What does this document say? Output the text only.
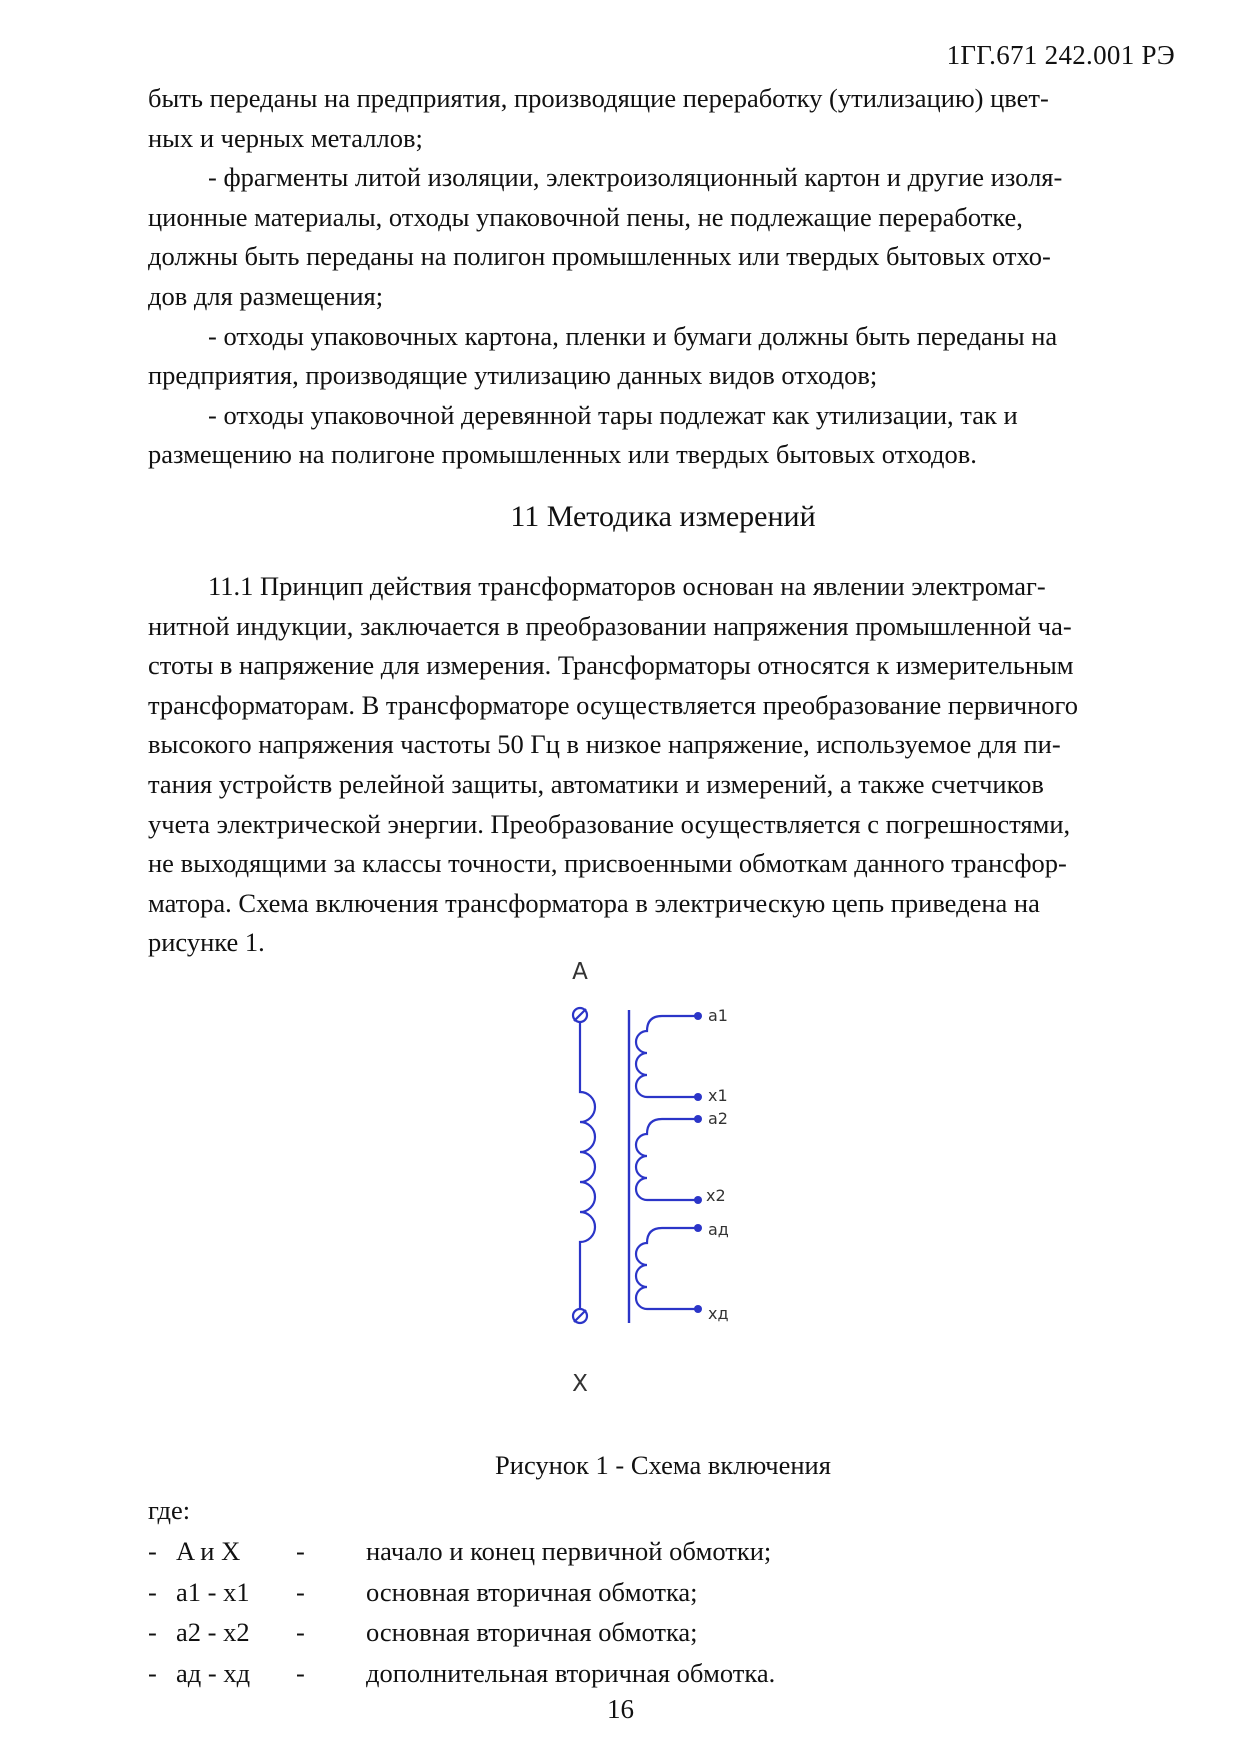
1ГГ.671 242.001 РЭ
быть переданы на предприятия, производящие переработку (утилизацию) цвет-
ных и черных металлов;
- фрагменты литой изоляции, электроизоляционный картон и другие изоля-
ционные материалы, отходы упаковочной пены, не подлежащие переработке,
должны быть переданы на полигон промышленных или твердых бытовых отхо-
дов для размещения;
- отходы упаковочных картона, пленки и бумаги должны быть переданы на
предприятия, производящие утилизацию данных видов отходов;
- отходы упаковочной деревянной тары подлежат как утилизации, так и
размещению на полигоне промышленных или твердых бытовых отходов.
11 Методика измерений
11.1 Принцип действия трансформаторов основан на явлении электромаг-
нитной индукции, заключается в преобразовании напряжения промышленной ча-
стоты в напряжение для измерения. Трансформаторы относятся к измерительным
трансформаторам. В трансформаторе осуществляется преобразование первичного
высокого напряжения частоты 50 Гц в низкое напряжение, используемое для пи-
тания устройств релейной защиты, автоматики и измерений, а также счетчиков
учета электрической энергии. Преобразование осуществляется с погрешностями,
не выходящими за классы точности, присвоенными обмоткам данного трансфор-
матора. Схема включения трансформатора в электрическую цепь приведена на
рисунке 1.
A
X
a1
x1
a2
x2
aд
xд
Рисунок 1 - Схема включения
где:
- A и X - начало и конец первичной обмотки;
- a1 - x1 - основная вторичная обмотка;
- a2 - x2 - основная вторичная обмотка;
- aд - xд - дополнительная вторичная обмотка.
16
